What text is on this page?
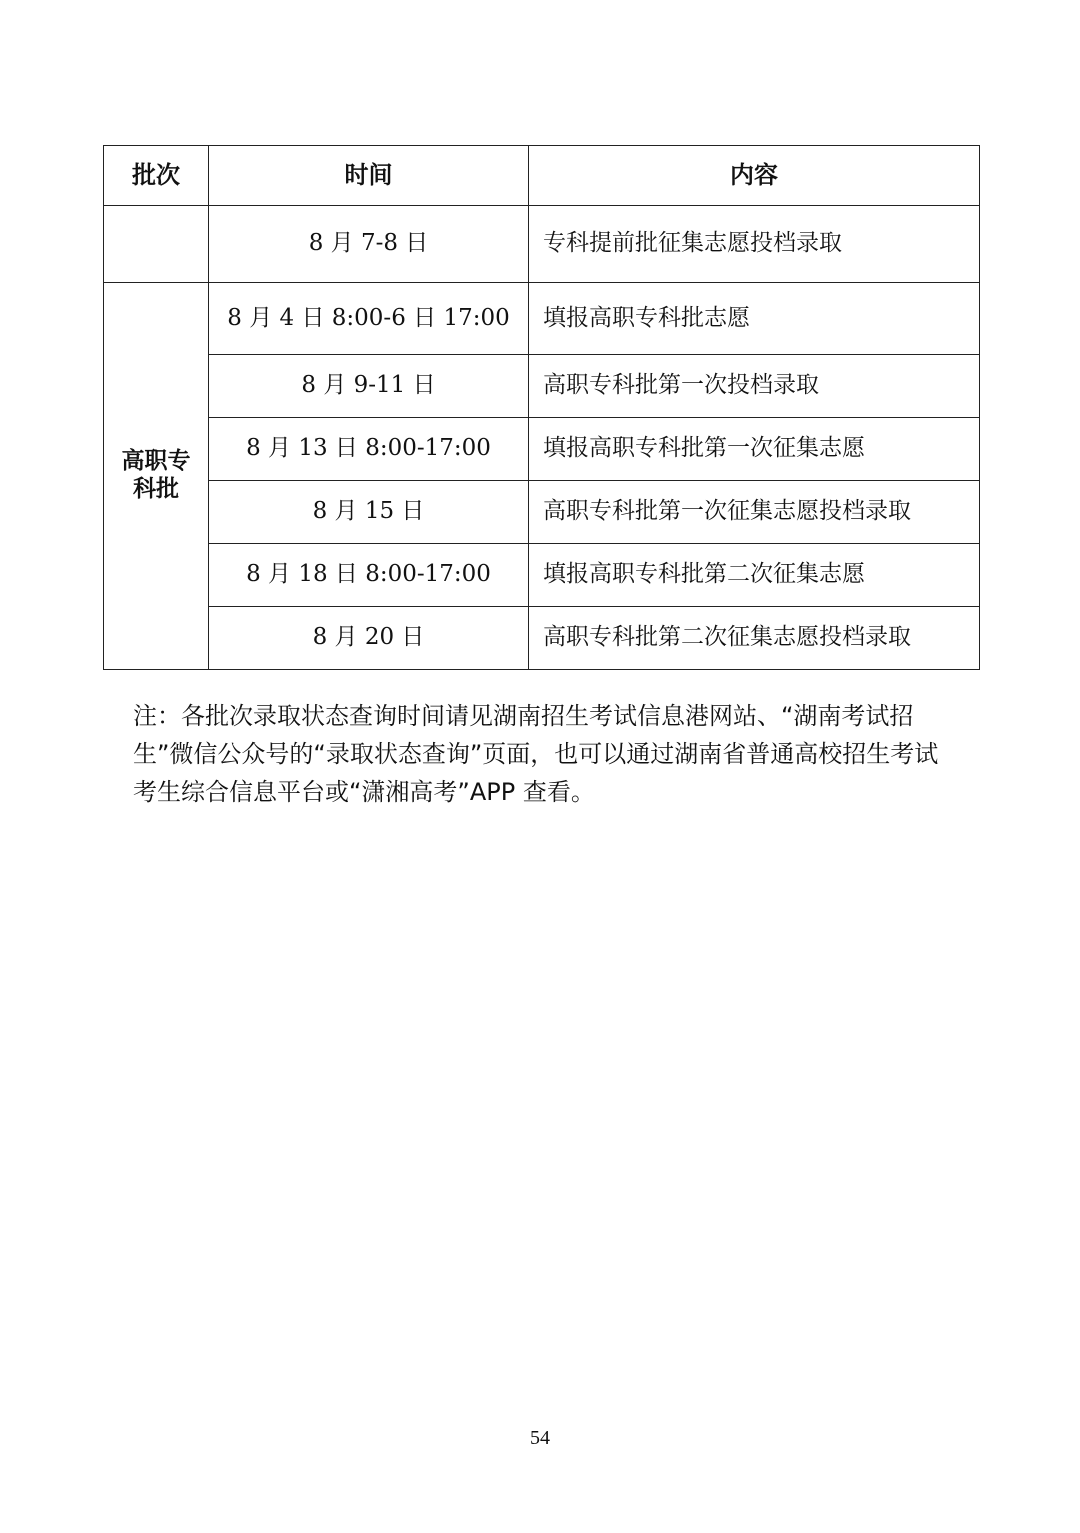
批次	时间	内容
	8 月 7-8 日	专科提前批征集志愿投档录取
高职专科批	8 月 4 日 8:00-6 日 17:00	填报高职专科批志愿
	8 月 9-11 日	高职专科批第一次投档录取
	8 月 13 日 8:00-17:00	填报高职专科批第一次征集志愿
	8 月 15 日	高职专科批第一次征集志愿投档录取
	8 月 18 日 8:00-17:00	填报高职专科批第二次征集志愿
	8 月 20 日	高职专科批第二次征集志愿投档录取

注：各批次录取状态查询时间请见湖南招生考试信息港网站、“湖南考试招生”微信公众号的“录取状态查询”页面，也可以通过湖南省普通高校招生考试考生综合信息平台或“潇湘高考”APP 查看。

54
